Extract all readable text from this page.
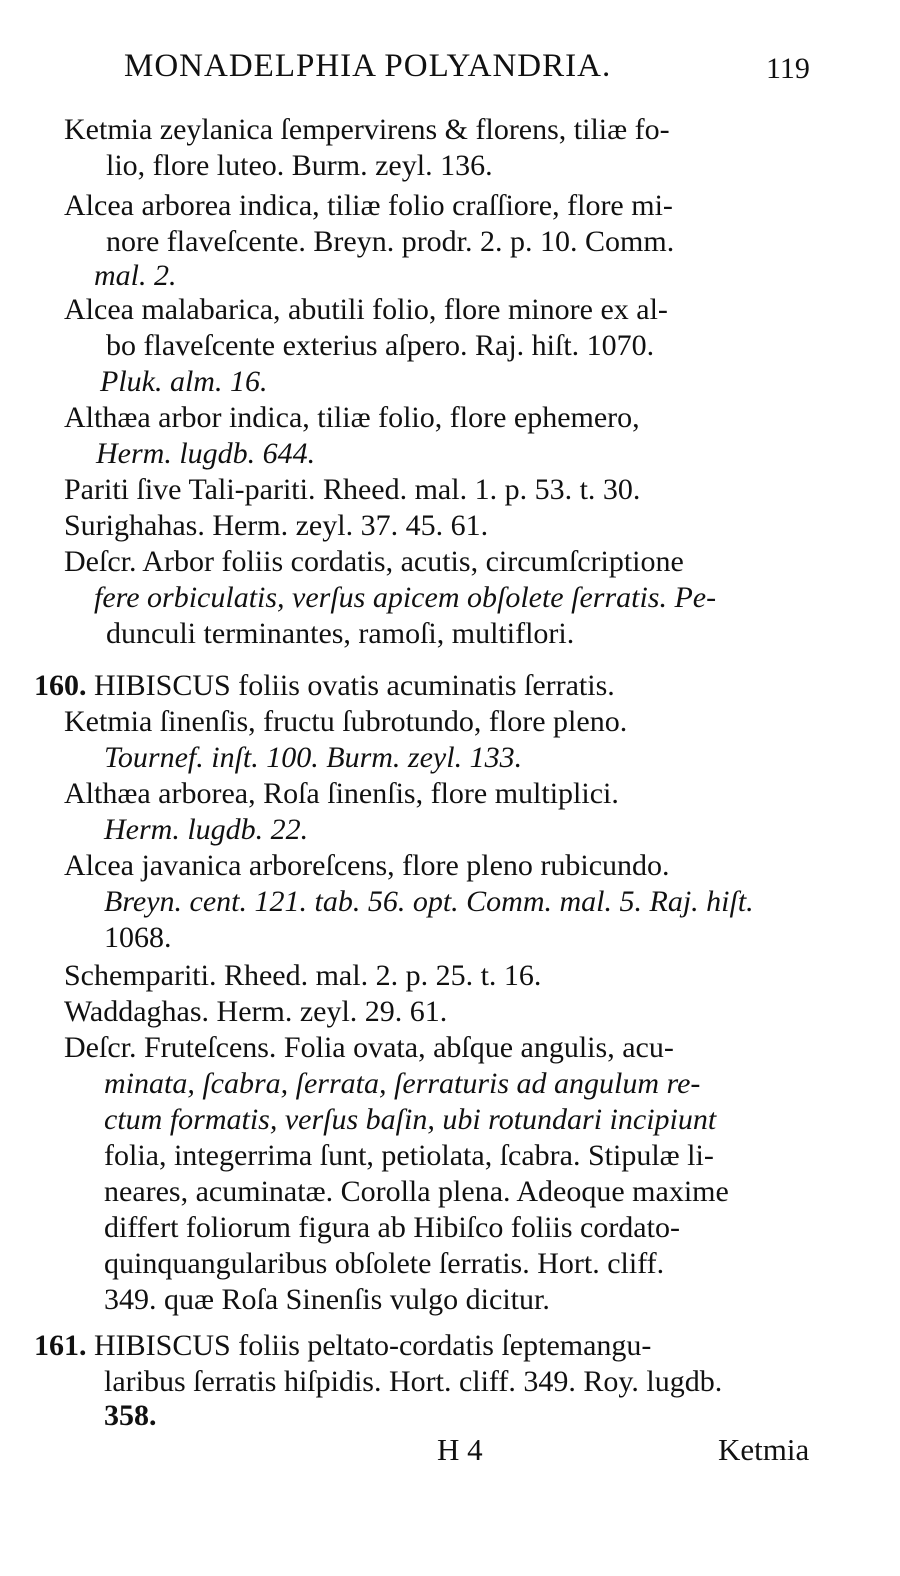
MONADELPHIA POLYANDRIA.	119
Ketmia zeylanica ſempervirens & florens, tiliæ fo-
lio, flore luteo. Burm. zeyl. 136.
Alcea arborea indica, tiliæ folio craſſiore, flore mi-
nore flaveſcente. Breyn. prodr. 2. p. 10. Comm.
mal. 2.
Alcea malabarica, abutili folio, flore minore ex al-
bo flaveſcente exterius aſpero. Raj. hiſt. 1070.
Pluk. alm. 16.
Althæa arbor indica, tiliæ folio, flore ephemero,
Herm. lugdb. 644.
Pariti ſive Tali-pariti. Rheed. mal. 1. p. 53. t. 30.
Surighahas. Herm. zeyl. 37. 45. 61.
Deſcr. Arbor foliis cordatis, acutis, circumſcriptione
fere orbiculatis, verſus apicem obſolete ſerratis. Pe-
dunculi terminantes, ramoſi, multiflori.
160. HIBISCUS foliis ovatis acuminatis ſerratis.
Ketmia ſinenſis, fructu ſubrotundo, flore pleno.
Tournef. inſt. 100. Burm. zeyl. 133.
Althæa arborea, Roſa ſinenſis, flore multiplici.
Herm. lugdb. 22.
Alcea javanica arboreſcens, flore pleno rubicundo.
Breyn. cent. 121. tab. 56. opt. Comm. mal. 5. Raj. hiſt.
1068.
Schempariti. Rheed. mal. 2. p. 25. t. 16.
Waddaghas. Herm. zeyl. 29. 61.
Deſcr. Fruteſcens. Folia ovata, abſque angulis, acu-
minata, ſcabra, ſerrata, ſerraturis ad angulum re-
ctum formatis, verſus baſin, ubi rotundari incipiunt
folia, integerrima ſunt, petiolata, ſcabra. Stipulæ li-
neares, acuminatæ. Corolla plena. Adeoque maxime
differt foliorum figura ab Hibiſco foliis cordato-
quinquangularibus obſolete ſerratis. Hort. cliff.
349. quæ Roſa Sinenſis vulgo dicitur.
161. HIBISCUS foliis peltato-cordatis ſeptemangu-
laribus ſerratis hiſpidis. Hort. cliff. 349. Roy. lugdb.
358.
H 4	Ketmia
